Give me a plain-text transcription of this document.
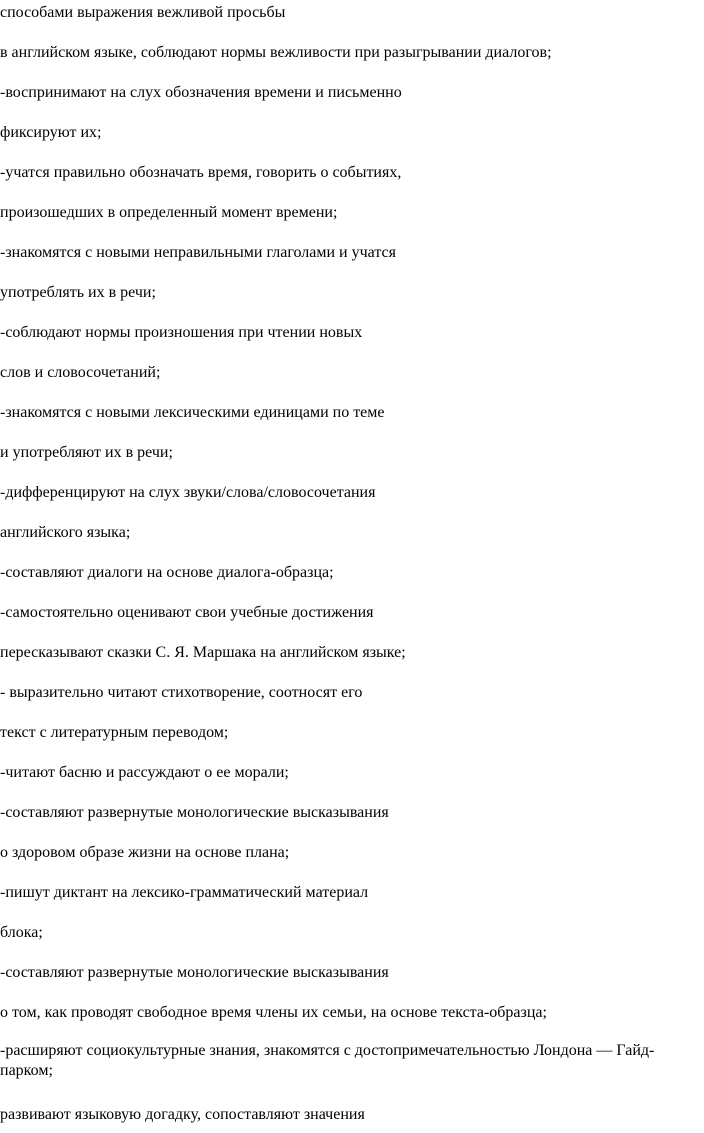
способами выражения вежливой просьбы
в английском языке, соблюдают нормы вежливости при разыгрывании диалогов;
-воспринимают на слух обозначения времени и письменно
фиксируют их;
-учатся правильно обозначать время, говорить о событиях,
произошедших в определенный момент времени;
-знакомятся с новыми неправильными глаголами и учатся
употреблять их в речи;
-соблюдают нормы произношения при чтении новых
слов и словосочетаний;
-знакомятся с новыми лексическими единицами по теме
и употребляют их в речи;
-дифференцируют на слух звуки/слова/словосочетания
английского языка;
-составляют диалоги на основе диалога-образца;
-самостоятельно оценивают свои учебные достижения
пересказывают сказки С. Я. Маршака на английском языке;
- выразительно читают стихотворение, соотносят его
текст с литературным переводом;
-читают басню и рассуждают о ее морали;
-составляют развернутые монологические высказывания
о здоровом образе жизни на основе плана;
-пишут диктант на лексико-грамматический материал
блока;
-составляют развернутые монологические высказывания
о том, как проводят свободное время члены их семьи, на основе текста-образца;
-расширяют социокультурные знания, знакомятся с достопримечательностью Лондона — Гайд-парком;
развивают языковую догадку, сопоставляют значения
